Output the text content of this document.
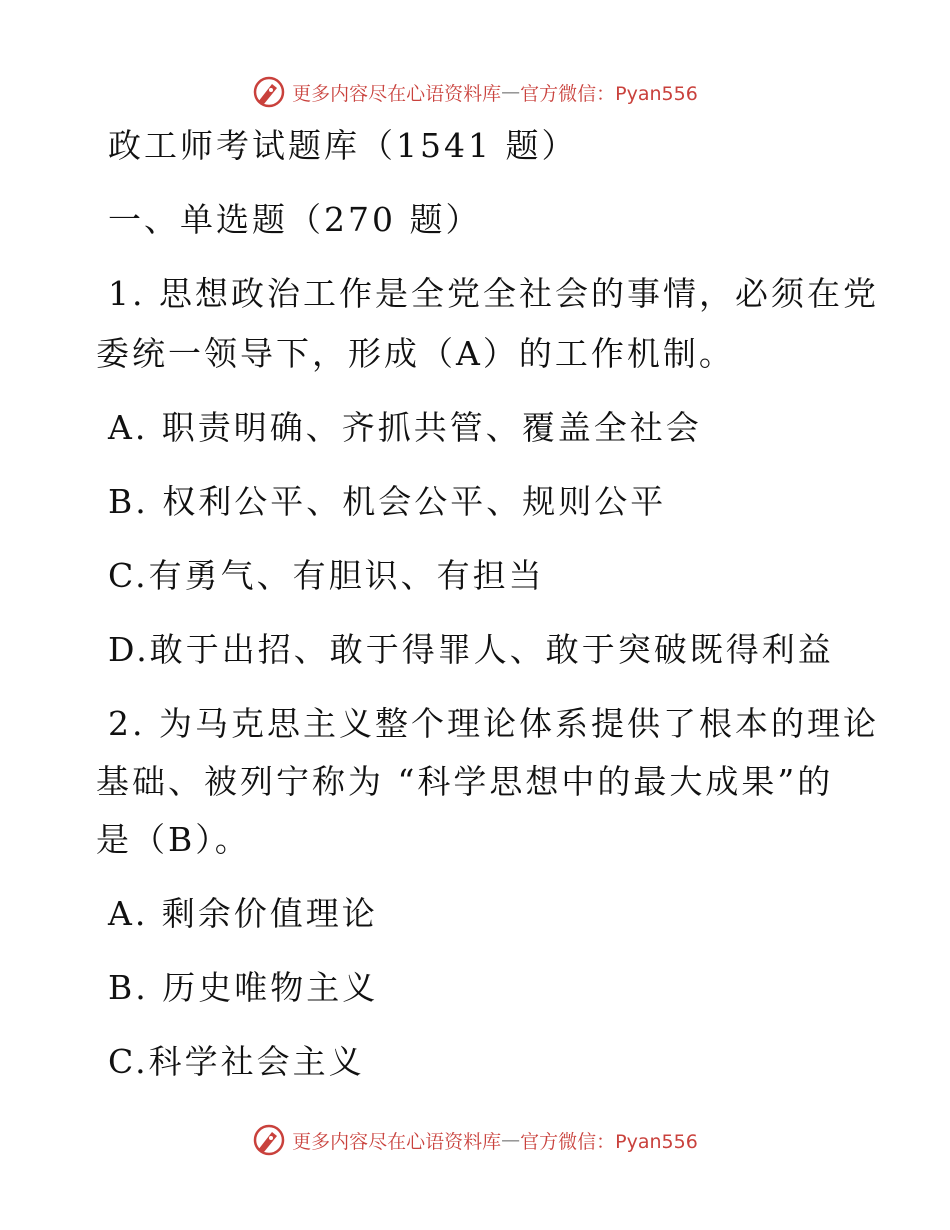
更多内容尽在心语资料库 — 官方微信：Pyan556
政工师考试题库（1541 题）
一、单选题（270 题）
1. 思想政治工作是全党全社会的事情，必须在党
委统一领导下，形成（A）的工作机制。
A. 职责明确、齐抓共管、覆盖全社会
B. 权利公平、机会公平、规则公平
C.有勇气、有胆识、有担当
D.敢于出招、敢于得罪人、敢于突破既得利益
2. 为马克思主义整个理论体系提供了根本的理论
基础、被列宁称为 “科学思想中的最大成果”的
是（B）。
A. 剩余价值理论
B. 历史唯物主义
C.科学社会主义
更多内容尽在心语资料库 — 官方微信：Pyan556
